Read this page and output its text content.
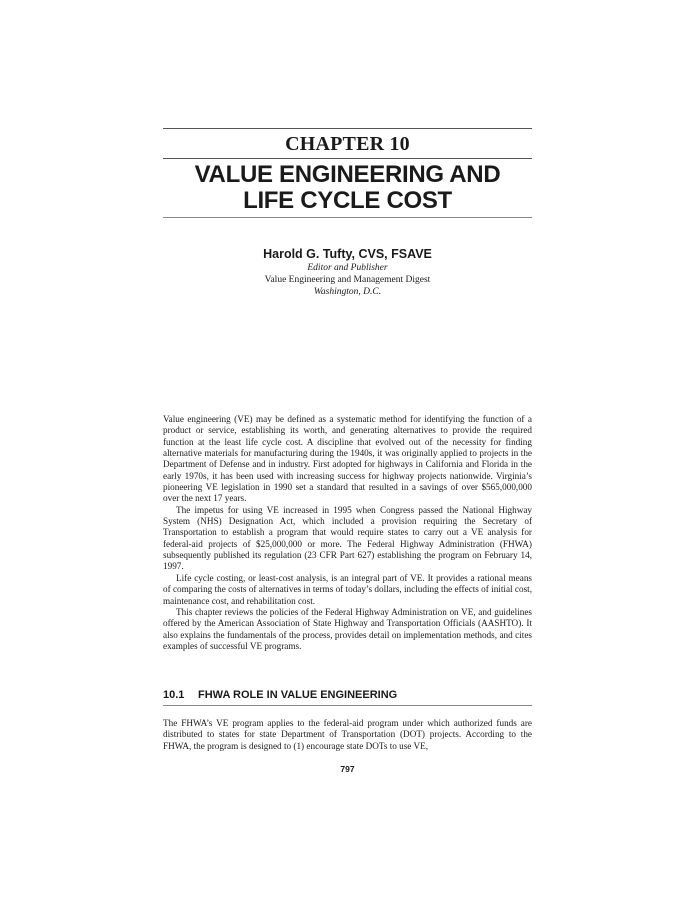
CHAPTER 10
VALUE ENGINEERING AND
LIFE CYCLE COST
Harold G. Tufty, CVS, FSAVE
Editor and Publisher
Value Engineering and Management Digest
Washington, D.C.

Value engineering (VE) may be defined as a systematic method for identifying the function of a product or service, establishing its worth, and generating alternatives to provide the required function at the least life cycle cost. A discipline that evolved out of the necessity for finding alternative materials for manufacturing during the 1940s, it was originally applied to projects in the Department of Defense and in industry. First adopted for highways in California and Florida in the early 1970s, it has been used with increasing success for highway projects nationwide. Virginia’s pioneering VE legislation in 1990 set a standard that resulted in a savings of over $565,000,000 over the next 17 years.

The impetus for using VE increased in 1995 when Congress passed the National Highway System (NHS) Designation Act, which included a provision requiring the Secretary of Transportation to establish a program that would require states to carry out a VE analysis for federal-aid projects of $25,000,000 or more. The Federal Highway Administration (FHWA) subsequently published its regulation (23 CFR Part 627) establishing the program on February 14, 1997.

Life cycle costing, or least-cost analysis, is an integral part of VE. It provides a rational means of comparing the costs of alternatives in terms of today’s dollars, including the effects of initial cost, maintenance cost, and rehabilitation cost.

This chapter reviews the policies of the Federal Highway Administration on VE, and guidelines offered by the American Association of State Highway and Transportation Officials (AASHTO). It also explains the fundamentals of the process, provides detail on implementation methods, and cites examples of successful VE programs.

10.1 FHWA ROLE IN VALUE ENGINEERING

The FHWA’s VE program applies to the federal-aid program under which authorized funds are distributed to states for state Department of Transportation (DOT) projects. According to the FHWA, the program is designed to (1) encourage state DOTs to use VE,

797
